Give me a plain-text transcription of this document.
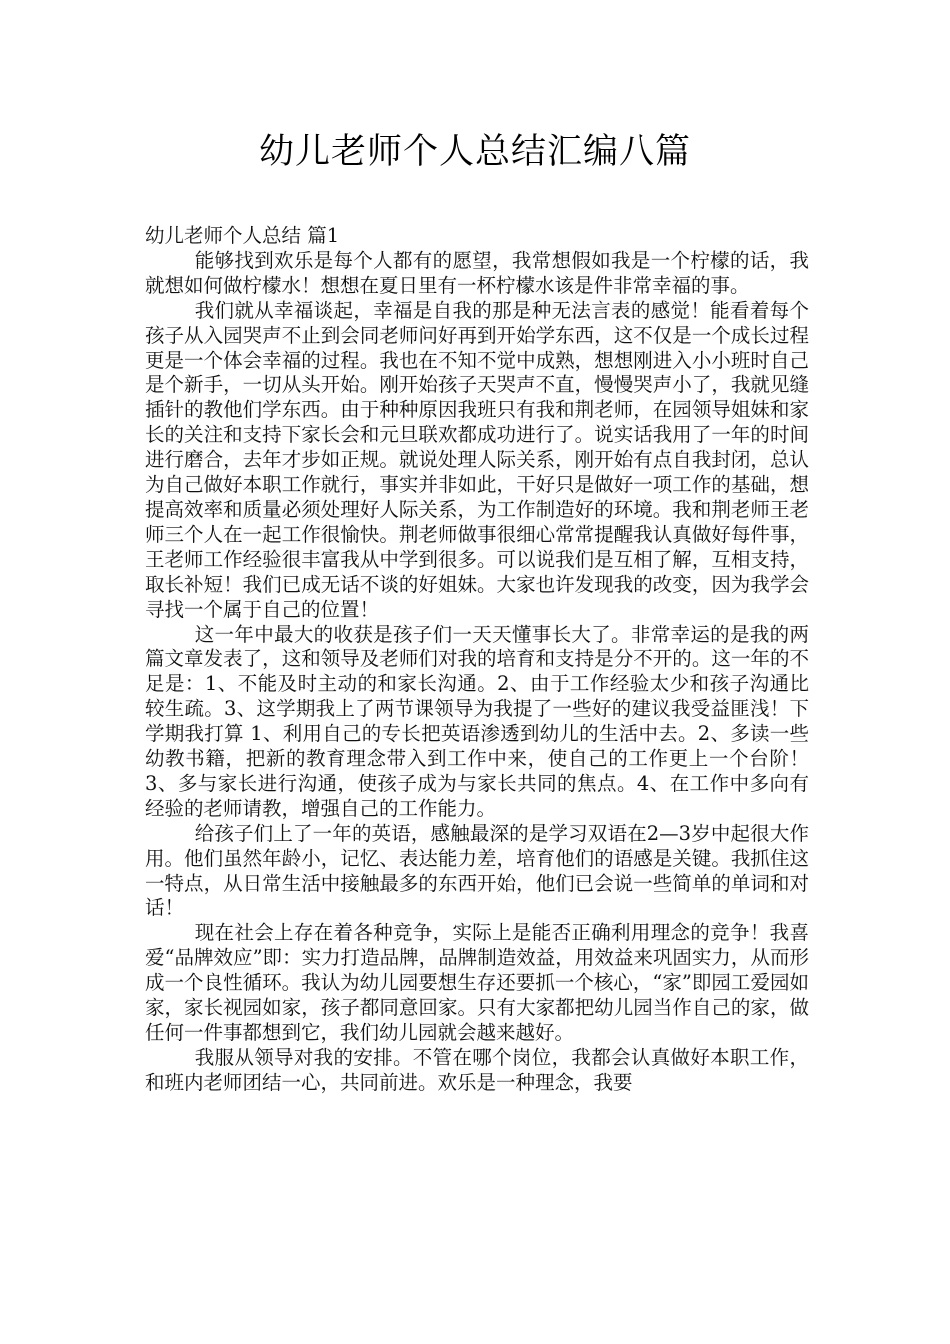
幼儿老师个人总结汇编八篇

幼儿老师个人总结 篇1

能够找到欢乐是每个人都有的愿望，我常想假如我是一个柠檬的话，我就想如何做柠檬水！想想在夏日里有一杯柠檬水该是件非常幸福的事。

我们就从幸福谈起，幸福是自我的那是种无法言表的感觉！能看着每个孩子从入园哭声不止到会同老师问好再到开始学东西，这不仅是一个成长过程更是一个体会幸福的过程。我也在不知不觉中成熟，想想刚进入小小班时自己是个新手，一切从头开始。刚开始孩子天哭声不直，慢慢哭声小了，我就见缝插针的教他们学东西。由于种种原因我班只有我和荆老师，在园领导姐妹和家长的关注和支持下家长会和元旦联欢都成功进行了。说实话我用了一年的时间进行磨合，去年才步如正规。就说处理人际关系，刚开始有点自我封闭，总认为自己做好本职工作就行，事实并非如此，干好只是做好一项工作的基础，想提高效率和质量必须处理好人际关系，为工作制造好的环境。我和荆老师王老师三个人在一起工作很愉快。荆老师做事很细心常常提醒我认真做好每件事，王老师工作经验很丰富我从中学到很多。可以说我们是互相了解，互相支持，取长补短！我们已成无话不谈的好姐妹。大家也许发现我的改变，因为我学会寻找一个属于自己的位置！

这一年中最大的收获是孩子们一天天懂事长大了。非常幸运的是我的两篇文章发表了，这和领导及老师们对我的培育和支持是分不开的。这一年的不足是：1、不能及时主动的和家长沟通。2、由于工作经验太少和孩子沟通比较生疏。3、这学期我上了两节课领导为我提了一些好的建议我受益匪浅！下学期我打算 1、利用自己的专长把英语渗透到幼儿的生活中去。2、多读一些幼教书籍，把新的教育理念带入到工作中来，使自己的工作更上一个台阶！3、多与家长进行沟通，使孩子成为与家长共同的焦点。4、在工作中多向有经验的老师请教，增强自己的工作能力。

给孩子们上了一年的英语，感触最深的是学习双语在2—3岁中起很大作用。他们虽然年龄小，记忆、表达能力差，培育他们的语感是关键。我抓住这一特点，从日常生活中接触最多的东西开始，他们已会说一些简单的单词和对话！

现在社会上存在着各种竞争，实际上是能否正确利用理念的竞争！我喜爱“品牌效应”即：实力打造品牌，品牌制造效益，用效益来巩固实力，从而形成一个良性循环。我认为幼儿园要想生存还要抓一个核心，“家”即园工爱园如家，家长视园如家，孩子都同意回家。只有大家都把幼儿园当作自己的家，做任何一件事都想到它，我们幼儿园就会越来越好。

我服从领导对我的安排。不管在哪个岗位，我都会认真做好本职工作，和班内老师团结一心，共同前进。欢乐是一种理念，我要
